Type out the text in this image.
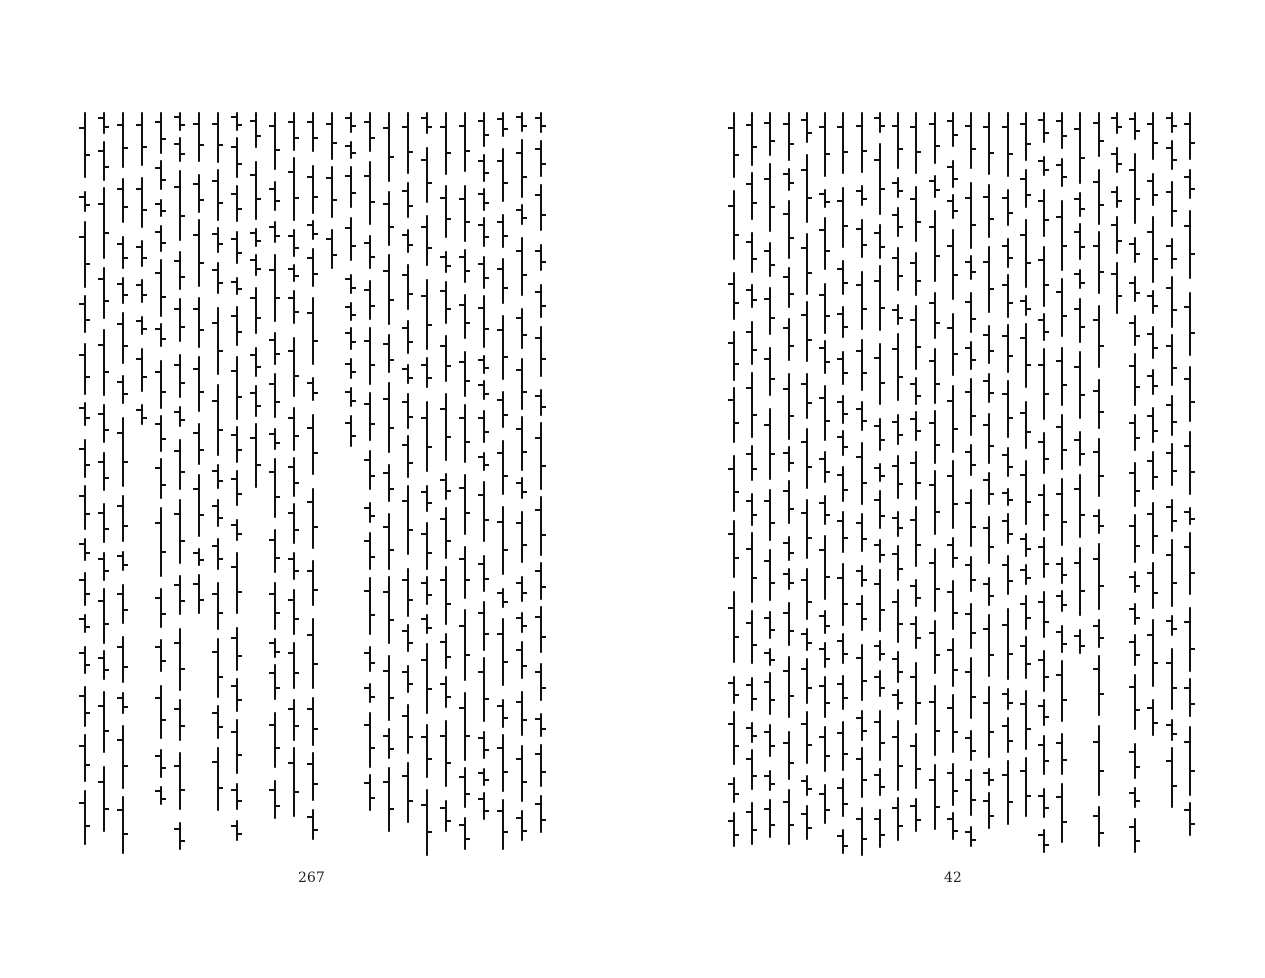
267	42
